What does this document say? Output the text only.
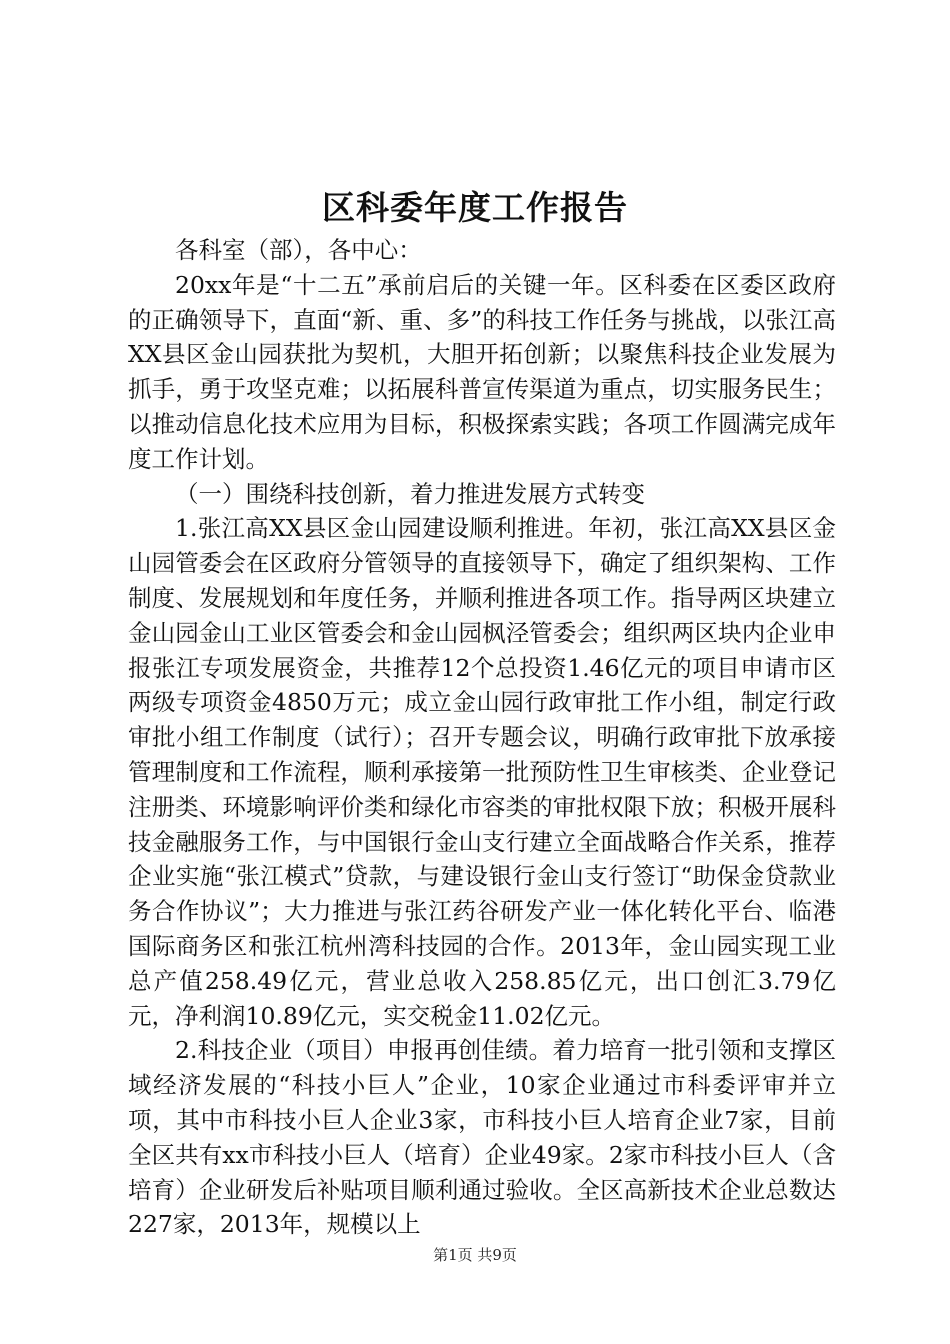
区科委年度工作报告

各科室（部），各中心：

20xx年是“十二五”承前启后的关键一年。区科委在区委区政府的正确领导下，直面“新、重、多”的科技工作任务与挑战，以张江高XX县区金山园获批为契机，大胆开拓创新；以聚焦科技企业发展为抓手，勇于攻坚克难；以拓展科普宣传渠道为重点，切实服务民生；以推动信息化技术应用为目标，积极探索实践；各项工作圆满完成年度工作计划。

（一）围绕科技创新，着力推进发展方式转变

1.张江高XX县区金山园建设顺利推进。年初，张江高XX县区金山园管委会在区政府分管领导的直接领导下，确定了组织架构、工作制度、发展规划和年度任务，并顺利推进各项工作。指导两区块建立金山园金山工业区管委会和金山园枫泾管委会；组织两区块内企业申报张江专项发展资金，共推荐12个总投资1.46亿元的项目申请市区两级专项资金4850万元；成立金山园行政审批工作小组，制定行政审批小组工作制度（试行）；召开专题会议，明确行政审批下放承接管理制度和工作流程，顺利承接第一批预防性卫生审核类、企业登记注册类、环境影响评价类和绿化市容类的审批权限下放；积极开展科技金融服务工作，与中国银行金山支行建立全面战略合作关系，推荐企业实施“张江模式”贷款，与建设银行金山支行签订“助保金贷款业务合作协议”；大力推进与张江药谷研发产业一体化转化平台、临港国际商务区和张江杭州湾科技园的合作。2013年，金山园实现工业总产值258.49亿元，营业总收入258.85亿元，出口创汇3.79亿元，净利润10.89亿元，实交税金11.02亿元。

2.科技企业（项目）申报再创佳绩。着力培育一批引领和支撑区域经济发展的“科技小巨人”企业，10家企业通过市科委评审并立项，其中市科技小巨人企业3家，市科技小巨人培育企业7家，目前全区共有xx市科技小巨人（培育）企业49家。2家市科技小巨人（含培育）企业研发后补贴项目顺利通过验收。全区高新技术企业总数达227家，2013年，规模以上

第1页 共9页
